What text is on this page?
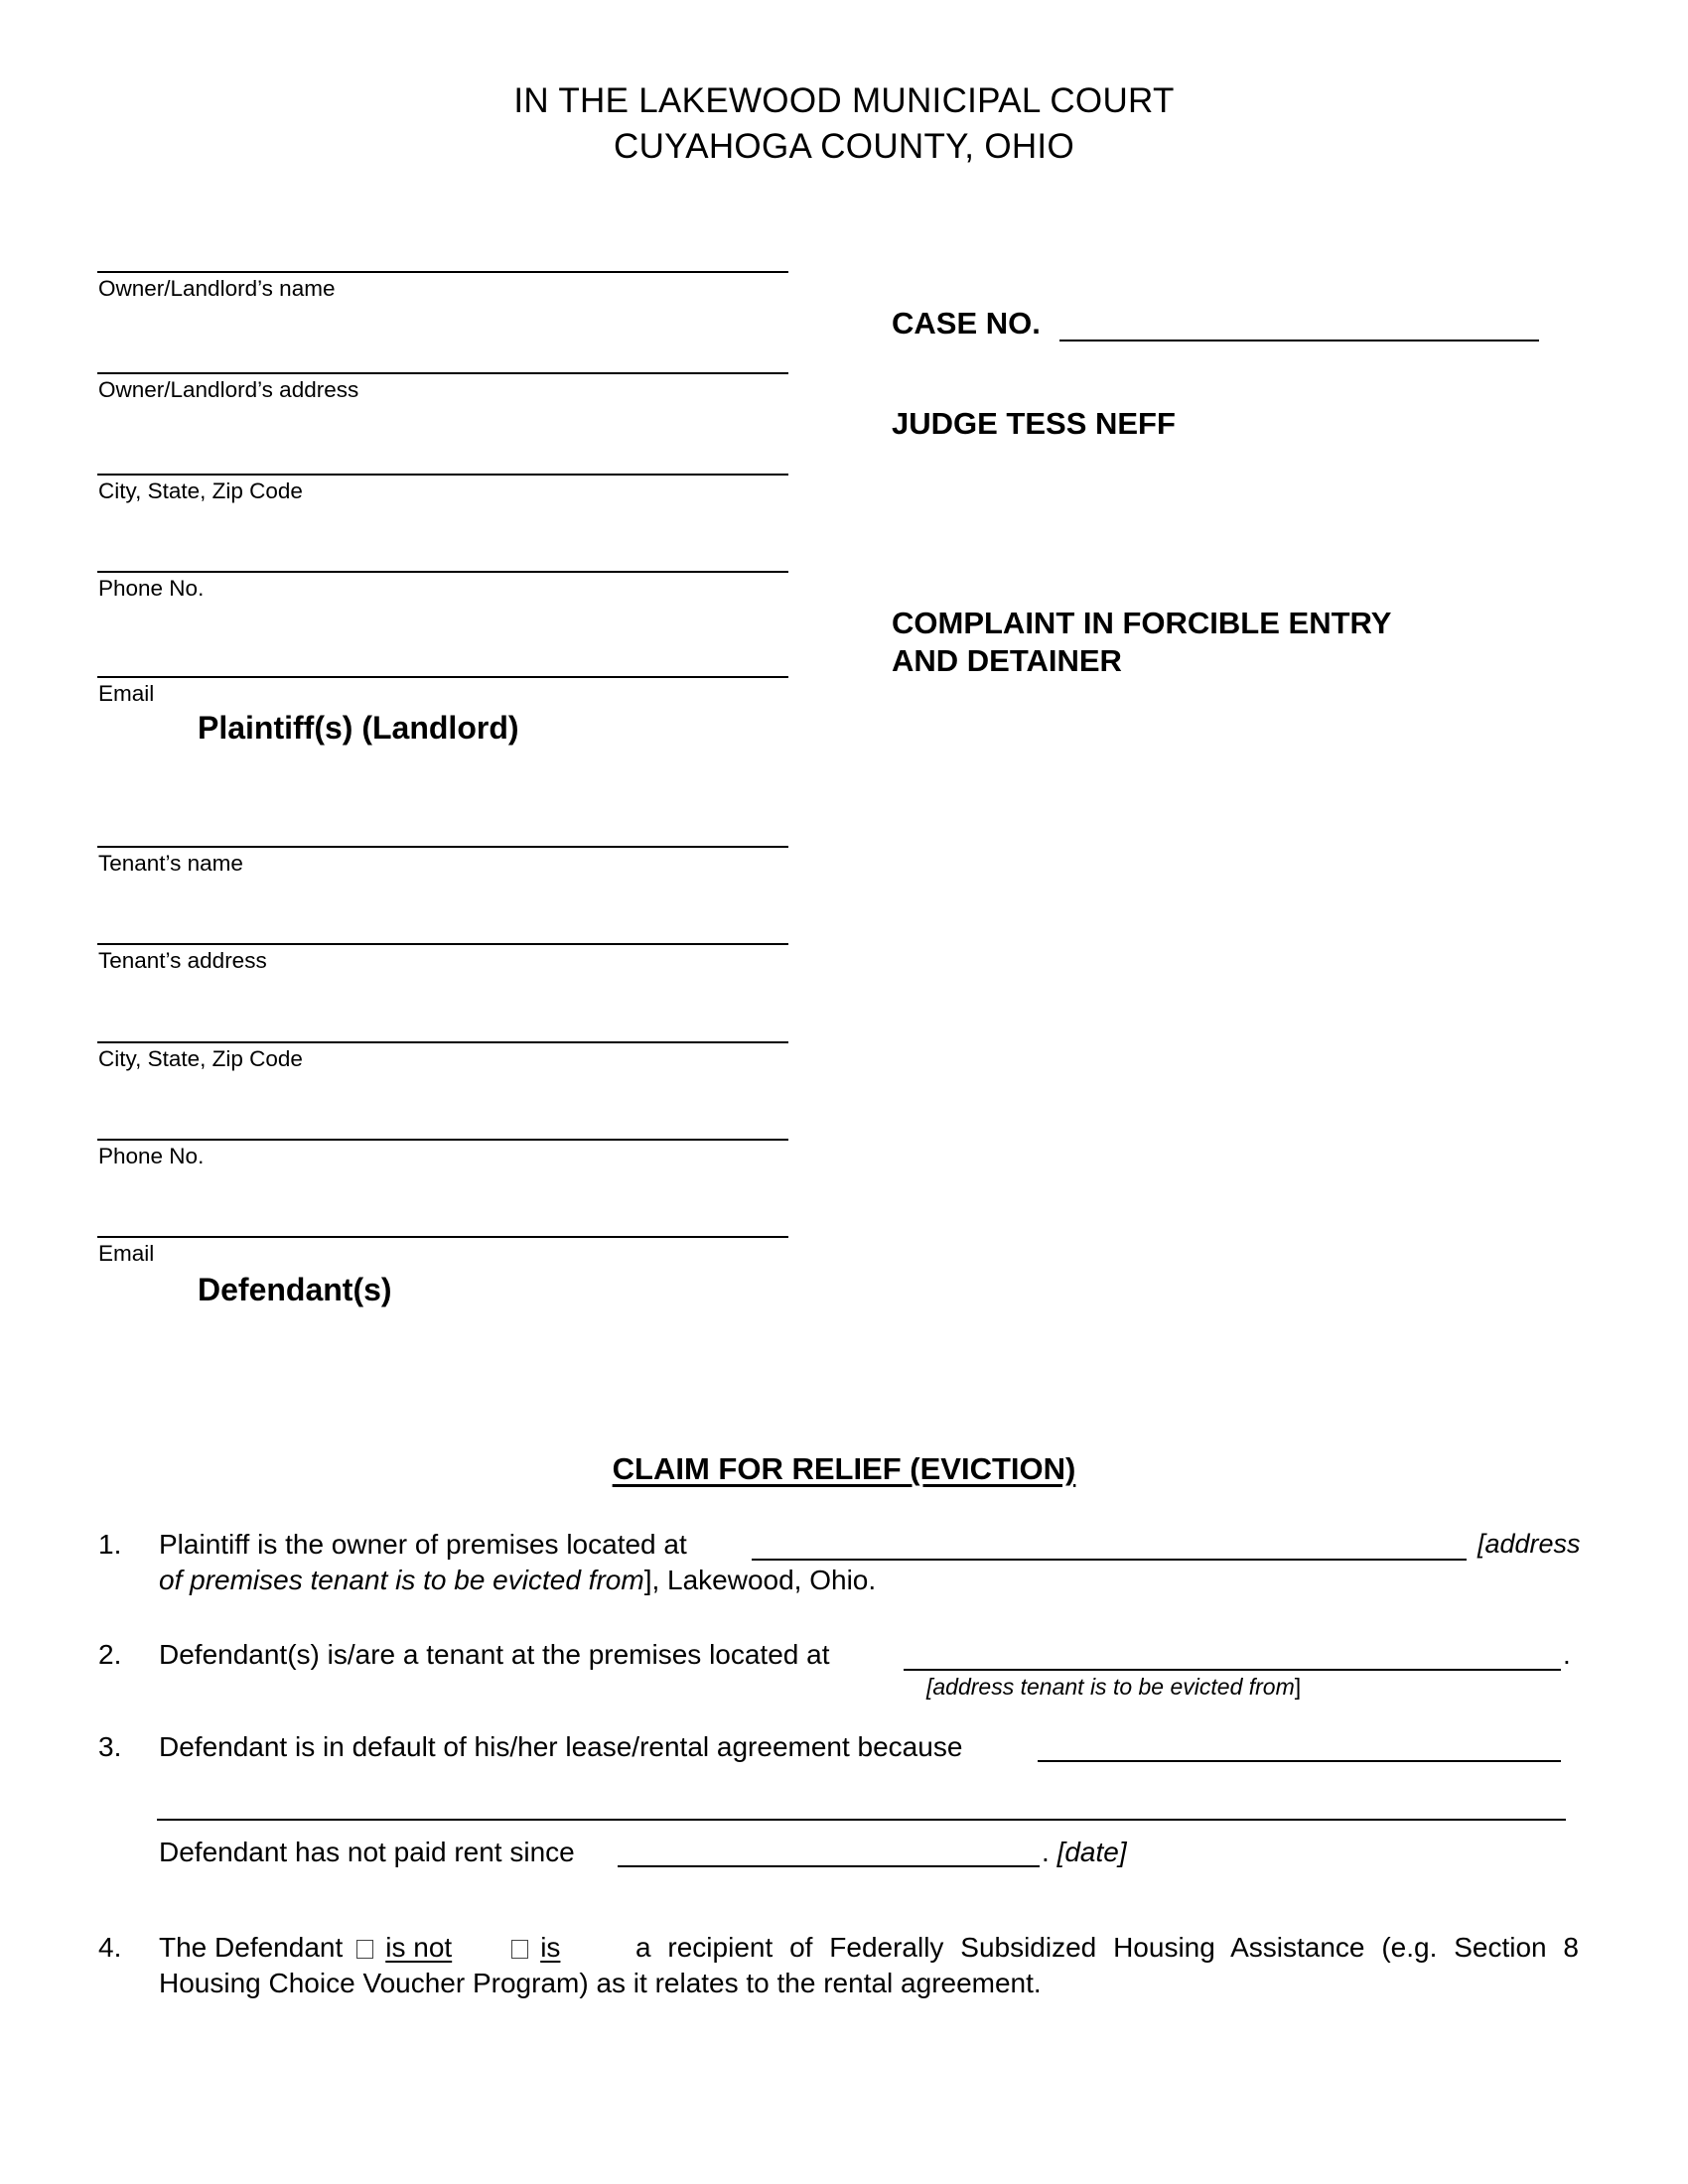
IN THE LAKEWOOD MUNICIPAL COURT
CUYAHOGA COUNTY, OHIO
Owner/Landlord’s name
Owner/Landlord’s address
City, State, Zip Code
Phone No.
Email
Plaintiff(s) (Landlord)
Tenant’s name
Tenant’s address
City, State, Zip Code
Phone No.
Email
Defendant(s)
CASE NO.
JUDGE TESS NEFF
COMPLAINT IN FORCIBLE ENTRY
AND DETAINER
CLAIM FOR RELIEF (EVICTION)
1. Plaintiff is the owner of premises located at	[address
of premises tenant is to be evicted from], Lakewood, Ohio.
2. Defendant(s) is/are a tenant at the premises located at	.
[address tenant is to be evicted from]
3. Defendant is in default of his/her lease/rental agreement because
Defendant has not paid rent since	. [date]
4. The Defendant is not	is	a recipient of Federally Subsidized Housing Assistance (e.g. Section 8
Housing Choice Voucher Program) as it relates to the rental agreement.
